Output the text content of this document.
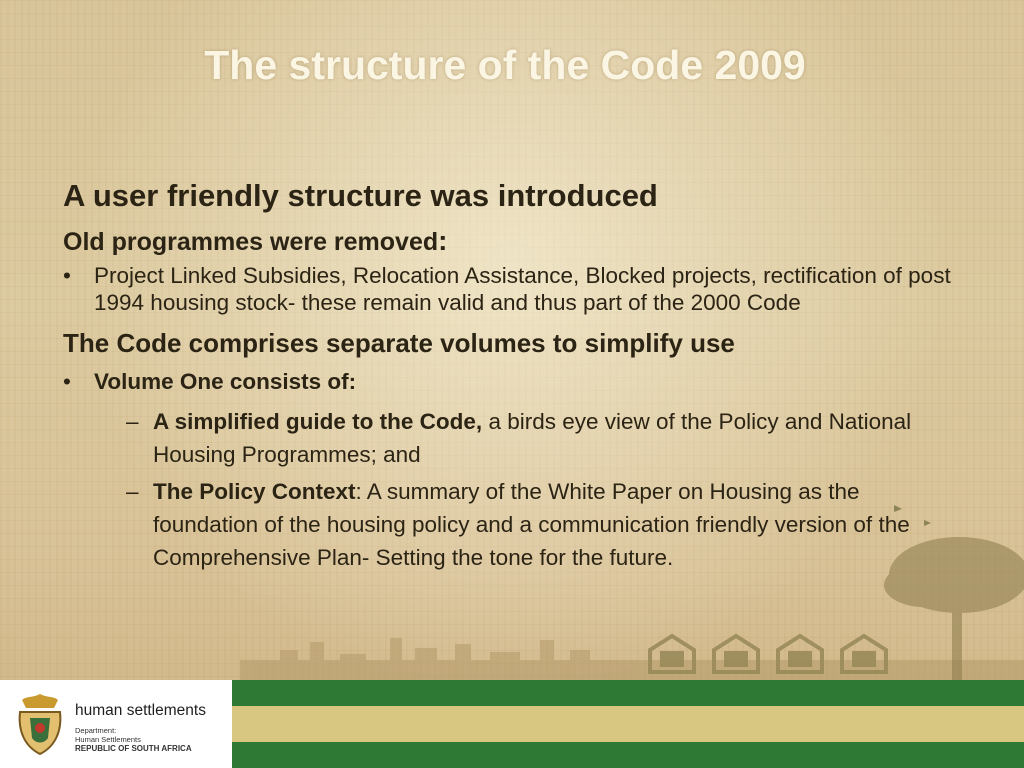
The structure of the Code 2009
A user friendly structure was introduced
Old programmes were removed:
• Project Linked Subsidies, Relocation Assistance, Blocked projects, rectification of post 1994 housing stock- these remain valid and thus part of the 2000 Code
The Code comprises separate volumes to simplify use
• Volume One consists of:
– A simplified guide to the Code, a birds eye view of the Policy and National Housing Programmes; and
– The Policy Context: A summary of the White Paper on Housing as the foundation of the housing policy and a communication friendly version of the Comprehensive Plan- Setting the tone for the future.
human settlements
Department:
Human Settlements
REPUBLIC OF SOUTH AFRICA
